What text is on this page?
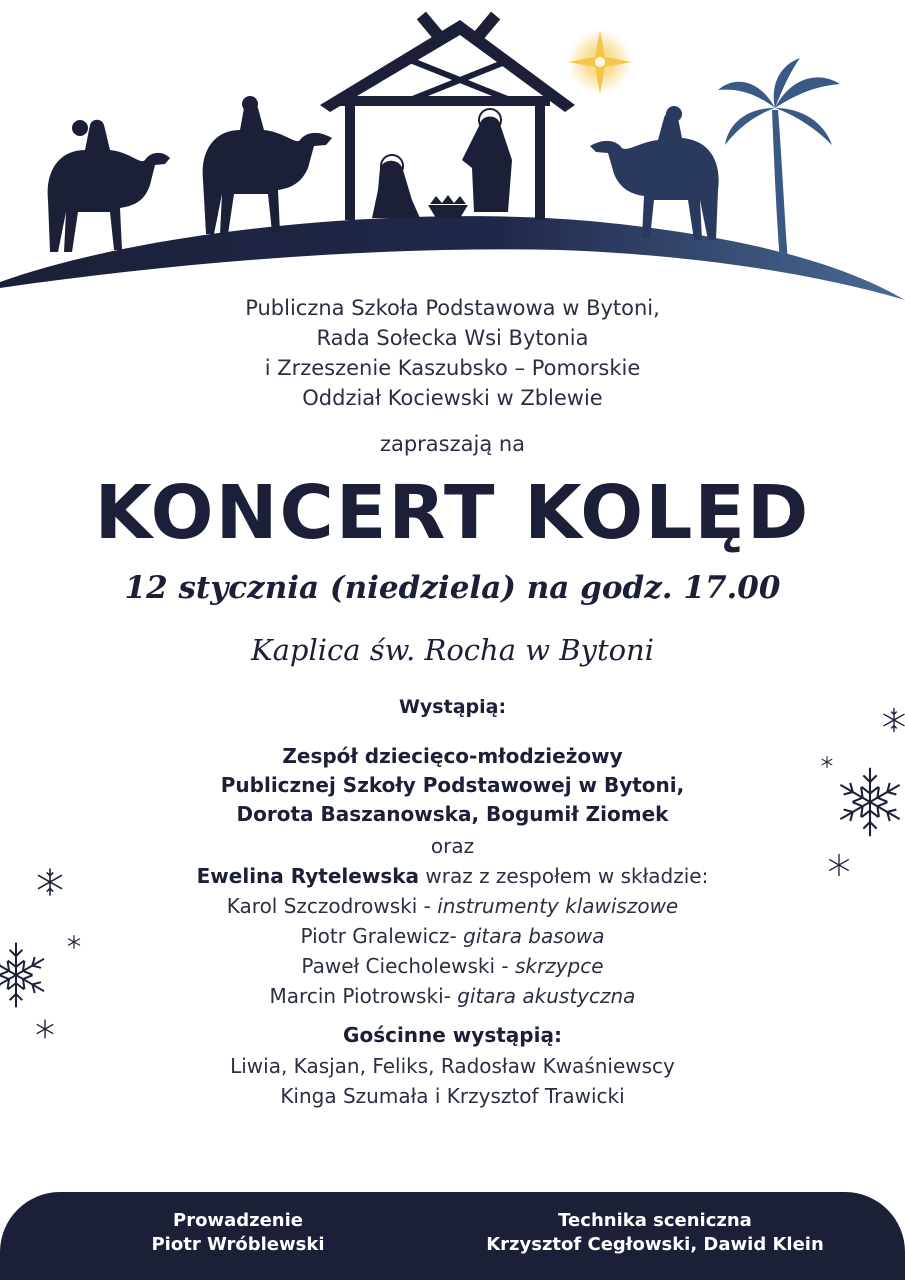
Publiczna Szkoła Podstawowa w Bytoni,
Rada Sołecka Wsi Bytonia
i Zrzeszenie Kaszubsko – Pomorskie
Oddział Kociewski w Zblewie
zapraszają na
KONCERT KOLĘD
12 stycznia (niedziela) na godz. 17.00
Kaplica św. Rocha w Bytoni
Wystąpią:
Zespół dziecięco-młodzieżowy
Publicznej Szkoły Podstawowej w Bytoni,
Dorota Baszanowska, Bogumił Ziomek
oraz
Ewelina Rytelewska wraz z zespołem w składzie:
Karol Szczodrowski - instrumenty klawiszowe
Piotr Gralewicz- gitara basowa
Paweł Ciecholewski - skrzypce
Marcin Piotrowski- gitara akustyczna
Gościnne wystąpią:
Liwia, Kasjan, Feliks, Radosław Kwaśniewscy
Kinga Szumała i Krzysztof Trawicki
Prowadzenie
Piotr Wróblewski
Technika sceniczna
Krzysztof Cegłowski, Dawid Klein
